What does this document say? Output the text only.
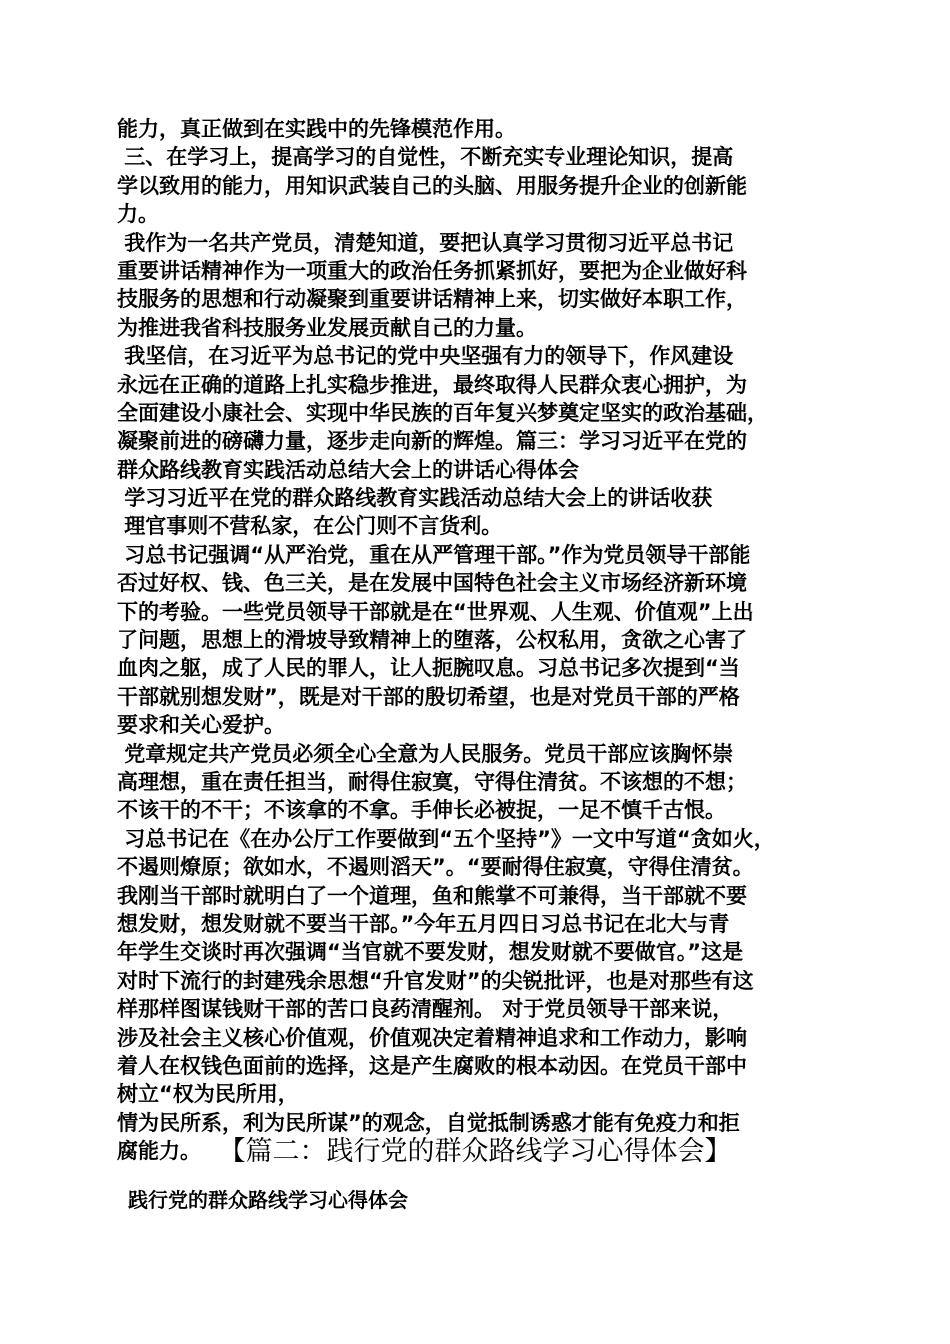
能力，真正做到在实践中的先锋模范作用。
三、在学习上，提高学习的自觉性，不断充实专业理论知识，提高
学以致用的能力，用知识武装自己的头脑、用服务提升企业的创新能
力。
我作为一名共产党员，清楚知道，要把认真学习贯彻习近平总书记
重要讲话精神作为一项重大的政治任务抓紧抓好，要把为企业做好科
技服务的思想和行动凝聚到重要讲话精神上来，切实做好本职工作，
为推进我省科技服务业发展贡献自己的力量。
我坚信，在习近平为总书记的党中央坚强有力的领导下，作风建设
永远在正确的道路上扎实稳步推进，最终取得人民群众衷心拥护，为
全面建设小康社会、实现中华民族的百年复兴梦奠定坚实的政治基础，
凝聚前进的磅礴力量，逐步走向新的辉煌。篇三：学习习近平在党的
群众路线教育实践活动总结大会上的讲话心得体会
学习习近平在党的群众路线教育实践活动总结大会上的讲话收获
理官事则不营私家，在公门则不言货利。
习总书记强调“从严治党，重在从严管理干部。”作为党员领导干部能
否过好权、钱、色三关，是在发展中国特色社会主义市场经济新环境
下的考验。一些党员领导干部就是在“世界观、人生观、价值观”上出
了问题，思想上的滑坡导致精神上的堕落，公权私用，贪欲之心害了
血肉之躯，成了人民的罪人，让人扼腕叹息。习总书记多次提到“当
干部就别想发财”，既是对干部的殷切希望，也是对党员干部的严格
要求和关心爱护。
党章规定共产党员必须全心全意为人民服务。党员干部应该胸怀崇
高理想，重在责任担当，耐得住寂寞，守得住清贫。不该想的不想；
不该干的不干；不该拿的不拿。手伸长必被捉，一足不慎千古恨。
习总书记在《在办公厅工作要做到“五个坚持”》一文中写道“贪如火，
不遏则燎原；欲如水，不遏则滔天”。“要耐得住寂寞，守得住清贫。
我刚当干部时就明白了一个道理，鱼和熊掌不可兼得，当干部就不要
想发财，想发财就不要当干部。”今年五月四日习总书记在北大与青
年学生交谈时再次强调“当官就不要发财，想发财就不要做官。”这是
对时下流行的封建残余思想“升官发财”的尖锐批评，也是对那些有这
样那样图谋钱财干部的苦口良药清醒剂。 对于党员领导干部来说，
涉及社会主义核心价值观，价值观决定着精神追求和工作动力，影响
着人在权钱色面前的选择，这是产生腐败的根本动因。在党员干部中
树立“权为民所用，
情为民所系，利为民所谋”的观念，自觉抵制诱惑才能有免疫力和拒
腐能力。 【篇二：践行党的群众路线学习心得体会】
践行党的群众路线学习心得体会
